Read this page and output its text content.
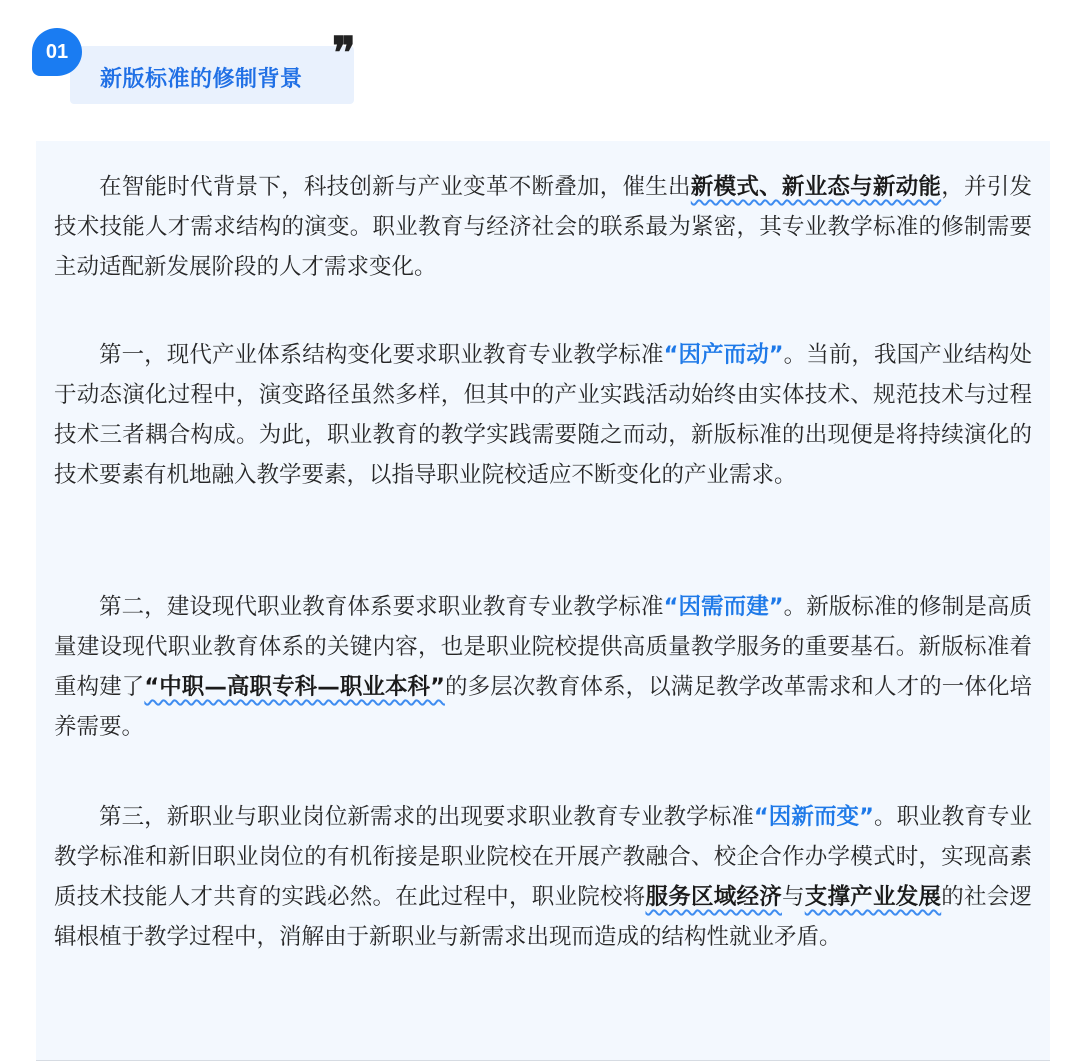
01
新版标准的修制背景
❞

在智能时代背景下，科技创新与产业变革不断叠加，催生出新模式、新业态与新动能，并引发技术技能人才需求结构的演变。职业教育与经济社会的联系最为紧密，其专业教学标准的修制需要主动适配新发展阶段的人才需求变化。

第一，现代产业体系结构变化要求职业教育专业教学标准“因产而动”。当前，我国产业结构处于动态演化过程中，演变路径虽然多样，但其中的产业实践活动始终由实体技术、规范技术与过程技术三者耦合构成。为此，职业教育的教学实践需要随之而动，新版标准的出现便是将持续演化的技术要素有机地融入教学要素，以指导职业院校适应不断变化的产业需求。

第二，建设现代职业教育体系要求职业教育专业教学标准“因需而建”。新版标准的修制是高质量建设现代职业教育体系的关键内容，也是职业院校提供高质量教学服务的重要基石。新版标准着重构建了“中职—高职专科—职业本科”的多层次教育体系，以满足教学改革需求和人才的一体化培养需要。

第三，新职业与职业岗位新需求的出现要求职业教育专业教学标准“因新而变”。职业教育专业教学标准和新旧职业岗位的有机衔接是职业院校在开展产教融合、校企合作办学模式时，实现高素质技术技能人才共育的实践必然。在此过程中，职业院校将服务区域经济与支撑产业发展的社会逻辑根植于教学过程中，消解由于新职业与新需求出现而造成的结构性就业矛盾。
